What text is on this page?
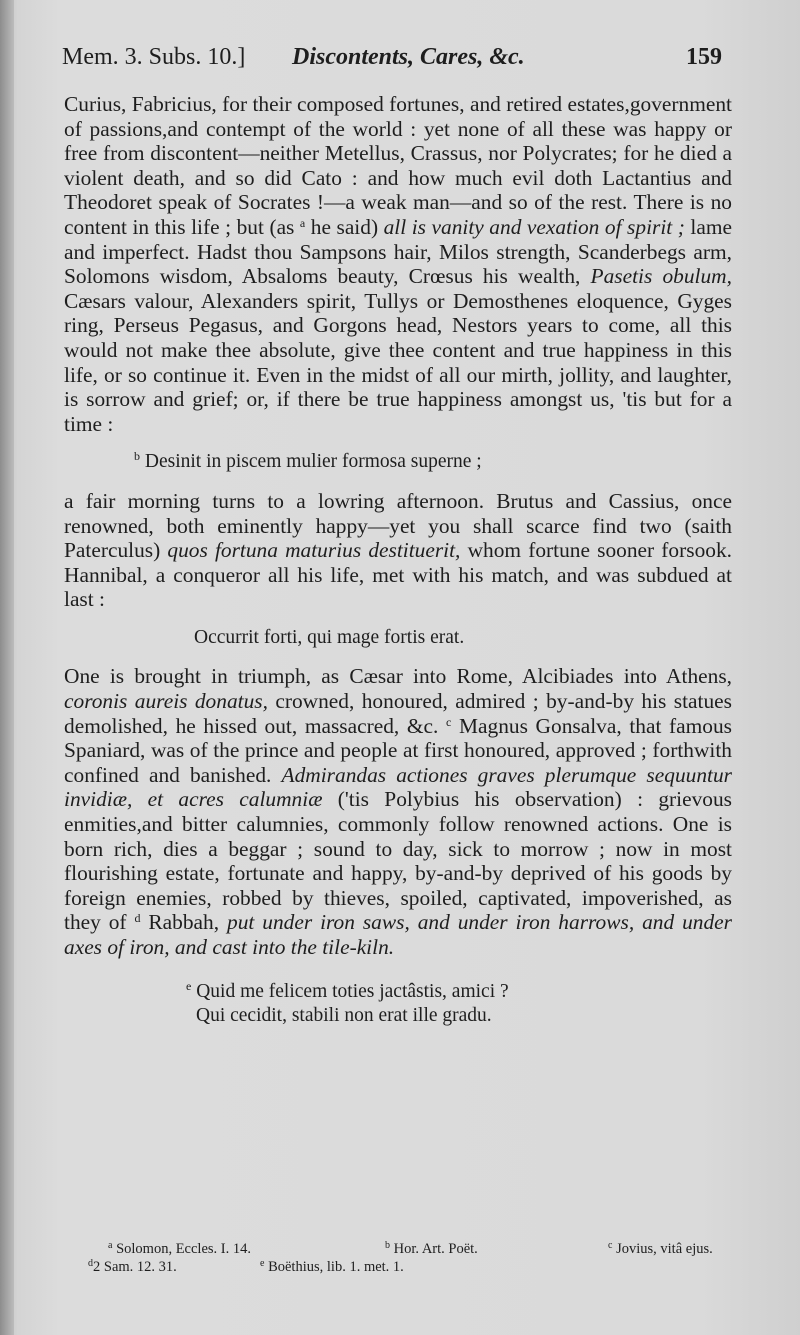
Mem. 3. Subs. 10.] Discontents, Cares, &c.	159

Curius, Fabricius, for their composed fortunes, and retired estates,government of passions,and contempt of the world : yet none of all these was happy or free from discontent—neither Metellus, Crassus, nor Polycrates; for he died a violent death, and so did Cato : and how much evil doth Lactantius and Theodoret speak of Socrates !—a weak man—and so of the rest. There is no content in this life ; but (as $^a$ he said) all is vanity and vexation of spirit ; lame and imperfect. Hadst thou Sampsons hair, Milos strength, Scanderbegs arm, Solomons wisdom, Absaloms beauty, Crœsus his wealth, Pasetis obulum, Cæsars valour, Alexanders spirit, Tullys or Demosthenes eloquence, Gyges ring, Perseus Pegasus, and Gorgons head, Nestors years to come, all this would not make thee absolute, give thee content and true happiness in this life, or so continue it. Even in the midst of all our mirth, jollity, and laughter, is sorrow and grief; or, if there be true happiness amongst us, 'tis but for a time :

$^b$ Desinit in piscem mulier formosa superne ;

a fair morning turns to a lowring afternoon. Brutus and Cassius, once renowned, both eminently happy—yet you shall scarce find two (saith Paterculus) quos fortuna maturius destituerit, whom fortune sooner forsook. Hannibal, a conqueror all his life, met with his match, and was subdued at last :

Occurrit forti, qui mage fortis erat.

One is brought in triumph, as Cæsar into Rome, Alcibiades into Athens, coronis aureis donatus, crowned, honoured, admired ; by-and-by his statues demolished, he hissed out, massacred, &c. $^c$ Magnus Gonsalva, that famous Spaniard, was of the prince and people at first honoured, approved ; forthwith confined and banished. Admirandas actiones graves plerumque sequuntur invidiæ, et acres calumniæ ('tis Polybius his observation) : grievous enmities,and bitter calumnies, commonly follow renowned actions. One is born rich, dies a beggar ; sound to day, sick to morrow ; now in most flourishing estate, fortunate and happy, by-and-by deprived of his goods by foreign enemies, robbed by thieves, spoiled, captivated, impoverished, as they of $^d$ Rabbah, put under iron saws, and under iron harrows, and under axes of iron, and cast into the tile-kiln.

$^e$ Quid me felicem toties jactâstis, amici ?
Qui cecidit, stabili non erat ille gradu.
$^a$ Solomon, Eccles. I. 14.	$^b$ Hor. Art. Poët.	$^c$ Jovius, vitâ ejus.
$^d$2 Sam. 12. 31.	$^e$ Boëthius, lib. 1. met. 1.
